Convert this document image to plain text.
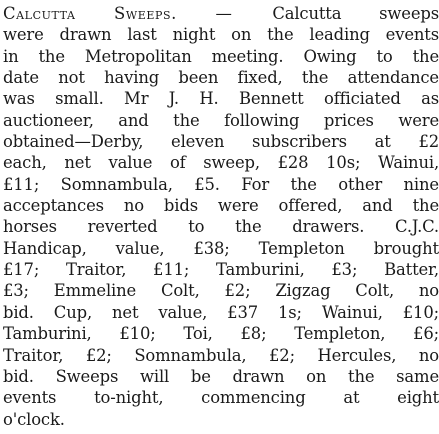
Calcutta Sweeps. — Calcutta sweeps
were drawn last night on the leading events
in the Metropolitan meeting. Owing to the
date not having been fixed, the attendance
was small. Mr J. H. Bennett officiated as
auctioneer, and the following prices were
obtained—Derby, eleven subscribers at £2
each, net value of sweep, £28 10s; Wainui,
£11; Somnambula, £5. For the other nine
acceptances no bids were offered, and the
horses reverted to the drawers. C.J.C.
Handicap, value, £38; Templeton brought
£17; Traitor, £11; Tamburini, £3; Batter,
£3; Emmeline Colt, £2; Zigzag Colt, no
bid. Cup, net value, £37 1s; Wainui, £10;
Tamburini, £10; Toi, £8; Templeton, £6;
Traitor, £2; Somnambula, £2; Hercules, no
bid. Sweeps will be drawn on the same
events to-night, commencing at eight
o'clock.
